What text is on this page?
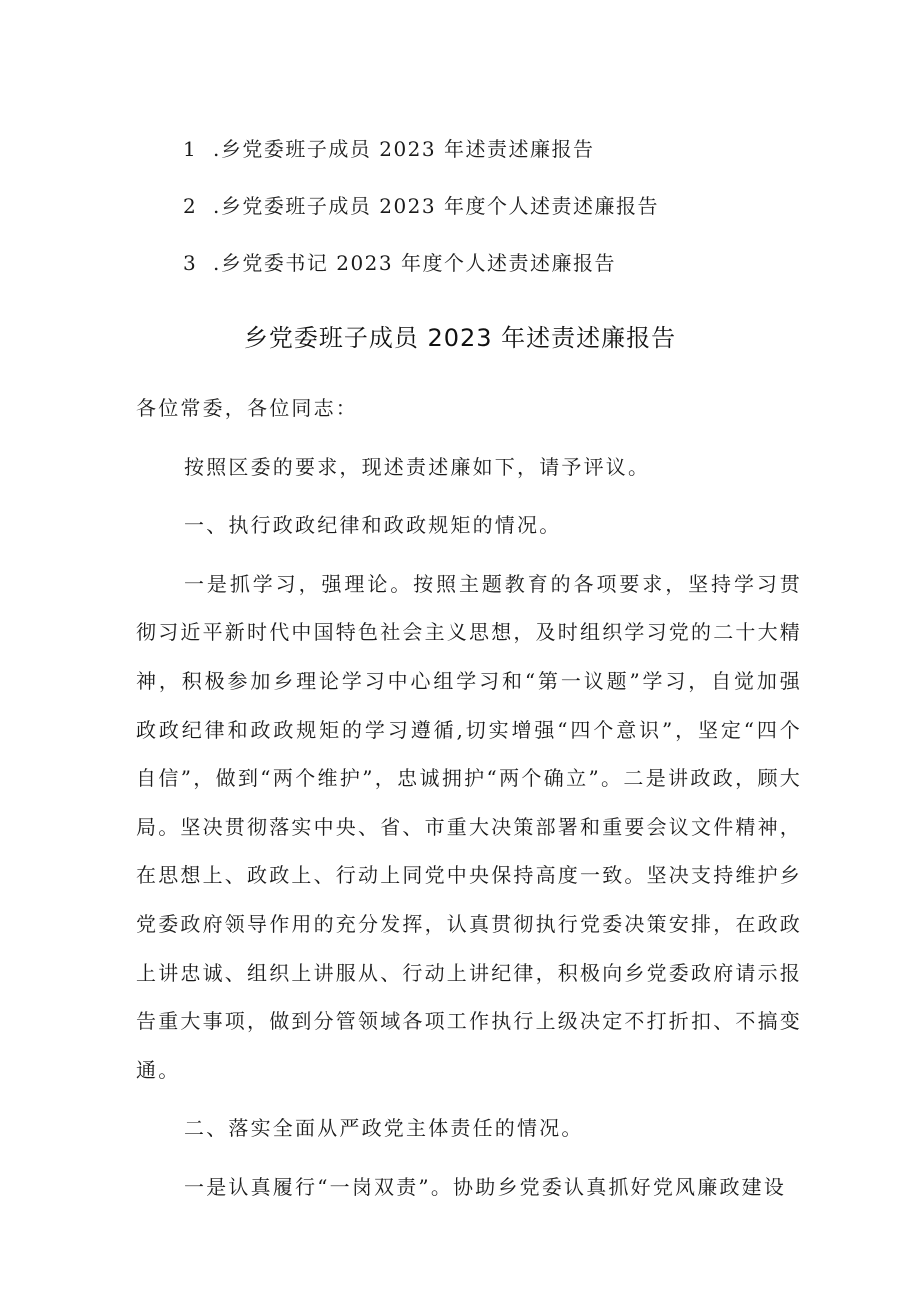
1 .乡党委班子成员 2023 年述责述廉报告
2 .乡党委班子成员 2023 年度个人述责述廉报告
3 .乡党委书记 2023 年度个人述责述廉报告
乡党委班子成员 2023 年述责述廉报告

各位常委，各位同志：

按照区委的要求，现述责述廉如下，请予评议。

一、执行政政纪律和政政规矩的情况。

一是抓学习，强理论。按照主题教育的各项要求，坚持学习贯彻习近平新时代中国特色社会主义思想，及时组织学习党的二十大精神，积极参加乡理论学习中心组学习和“第一议题”学习，自觉加强政政纪律和政政规矩的学习遵循,切实增强“四个意识”，坚定“四个自信”，做到“两个维护”，忠诚拥护“两个确立”。二是讲政政，顾大局。坚决贯彻落实中央、省、市重大决策部署和重要会议文件精神，在思想上、政政上、行动上同党中央保持高度一致。坚决支持维护乡党委政府领导作用的充分发挥，认真贯彻执行党委决策安排，在政政上讲忠诚、组织上讲服从、行动上讲纪律，积极向乡党委政府请示报告重大事项，做到分管领域各项工作执行上级决定不打折扣、不搞变通。

二、落实全面从严政党主体责任的情况。

一是认真履行“一岗双责”。协助乡党委认真抓好党风廉政建设
